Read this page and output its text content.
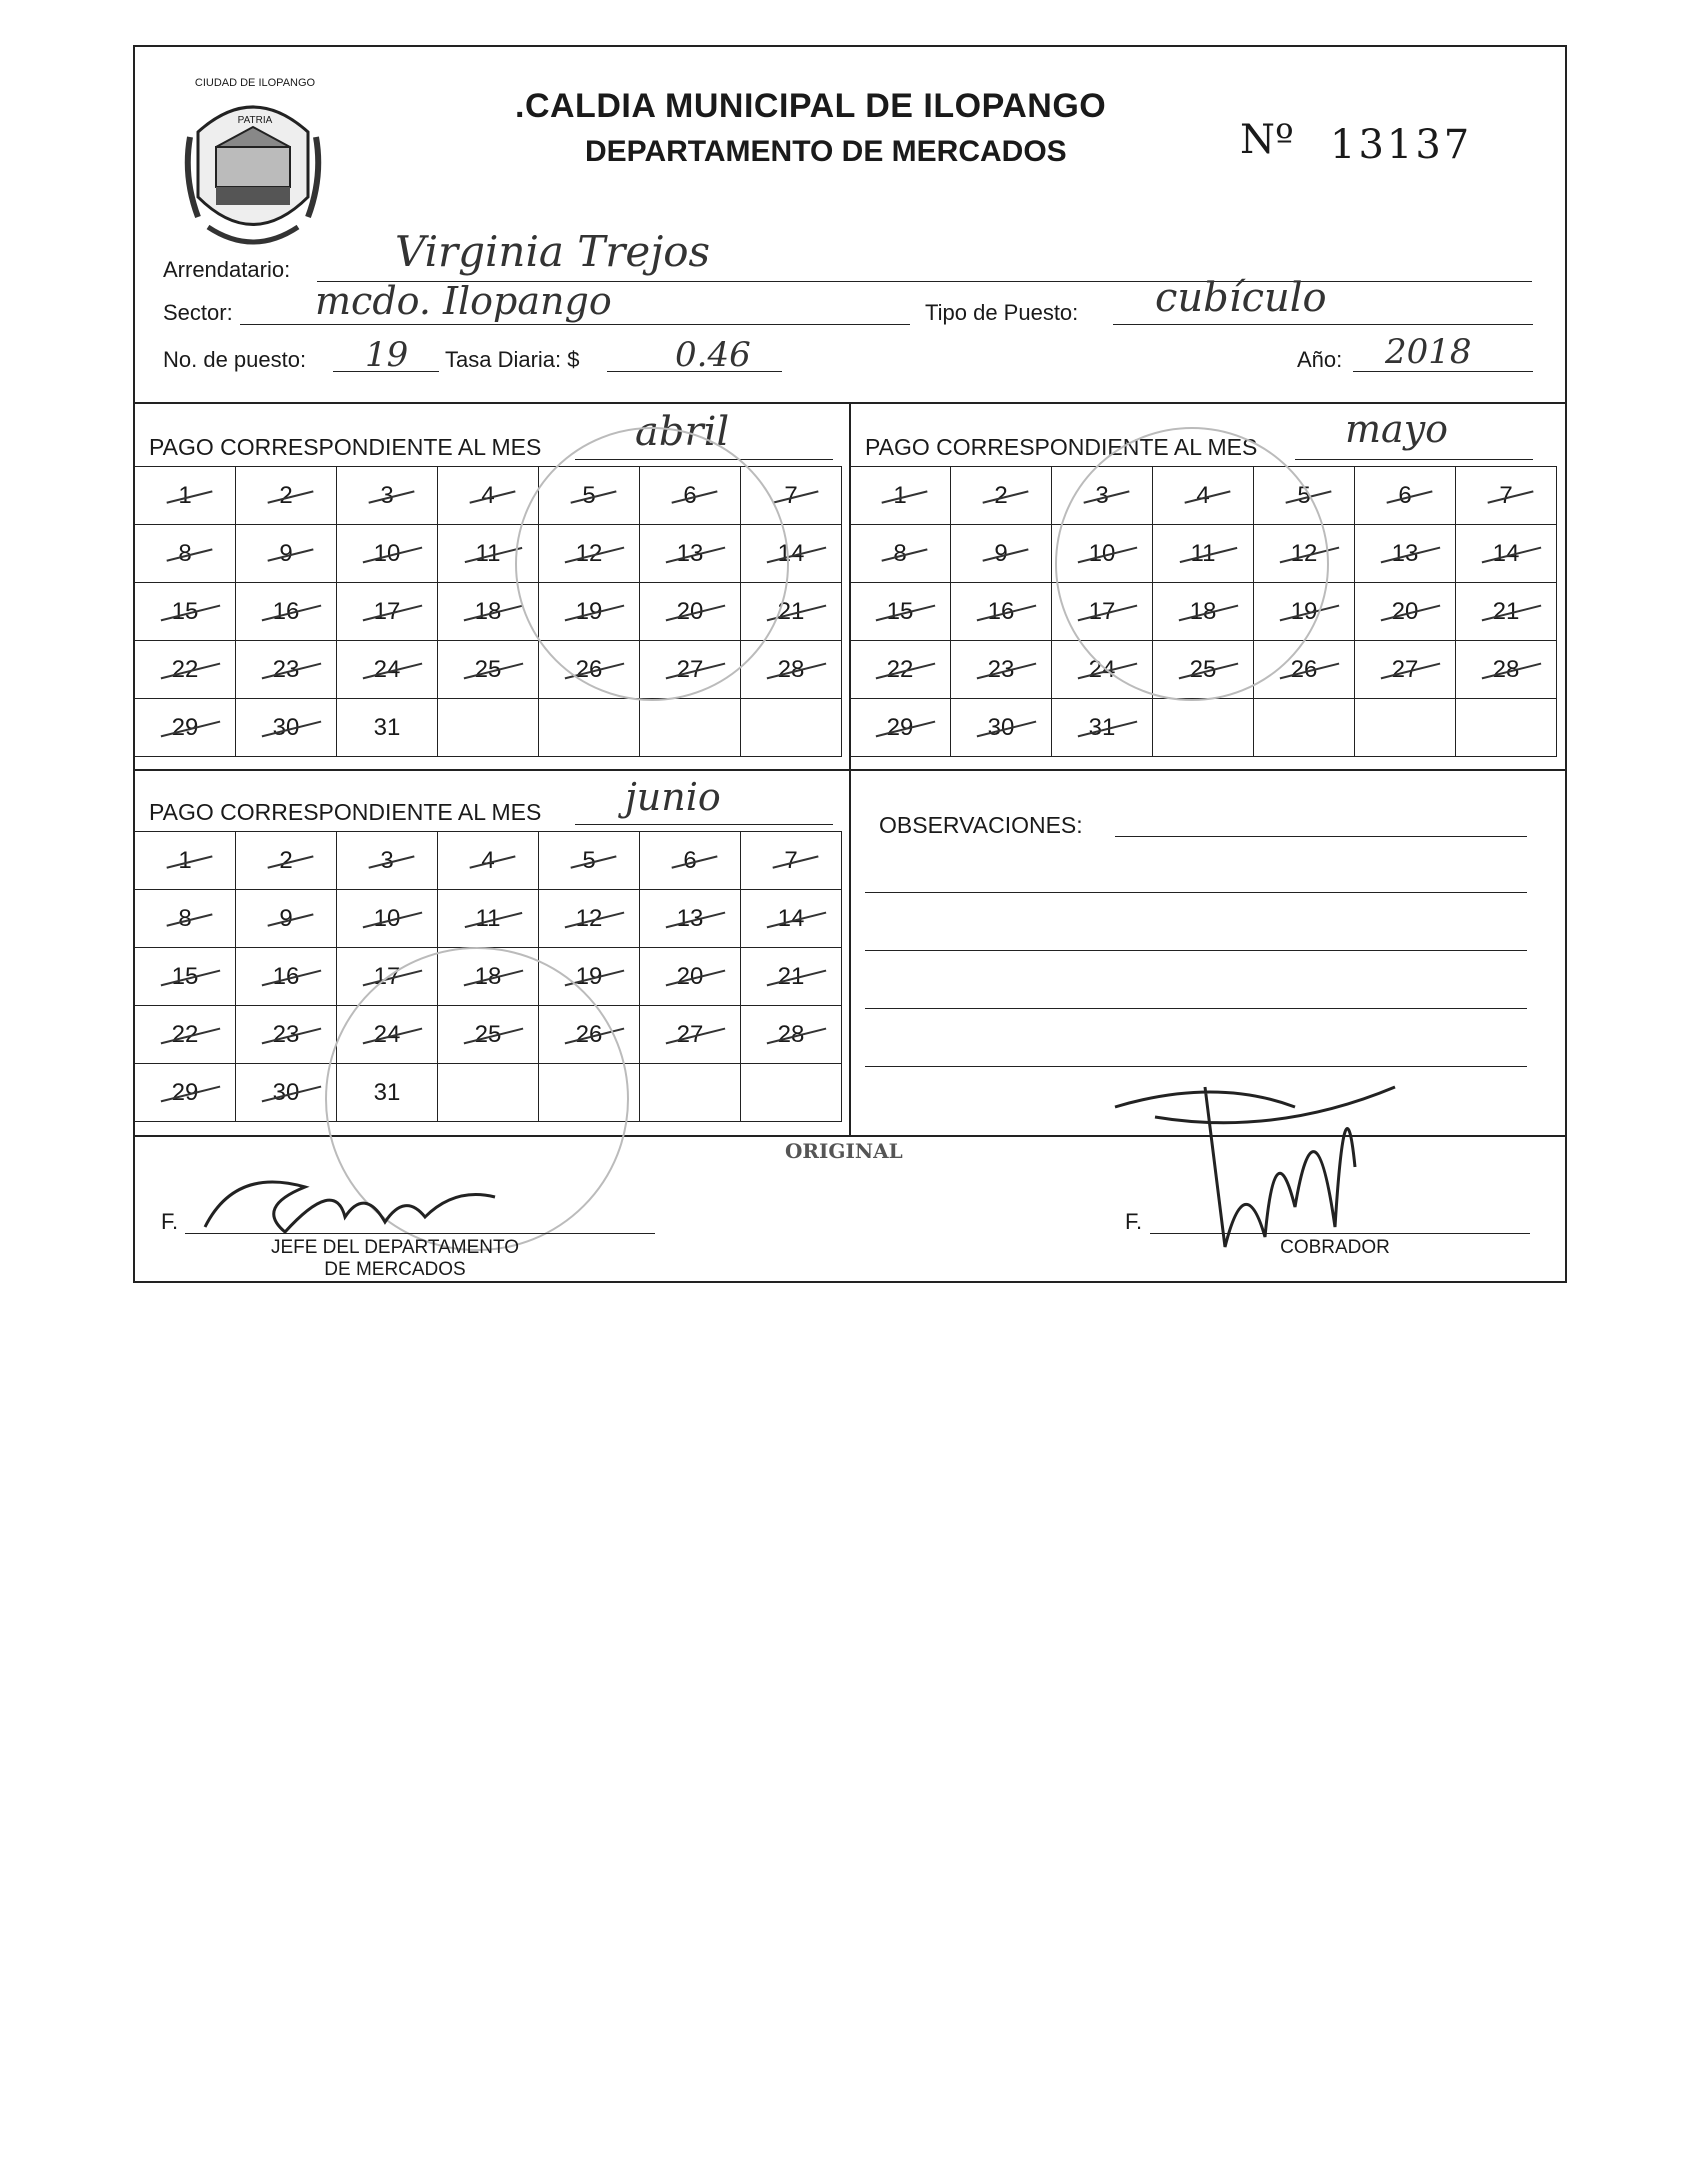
CIUDAD DE ILOPANGO
PATRIA	.CALDIA MUNICIPAL DE ILOPANGO
DEPARTAMENTO DE MERCADOS	Nº 13137
Arrendatario: Virginia Trejos
Sector: mcdo. Ilopango	Tipo de Puesto: cubículo
No. de puesto: 19 Tasa Diaria: $	0.46	Año: 2018
PAGO CORRESPONDIENTE AL MES abril
1	2	3	4	5	6	7
8	9	10	11	12	13	14
15	16	17	18	19	20	21
22	23	24	25	26	27	28
29	30	31				
PAGO CORRESPONDIENTE AL MES mayo
1	2	3	4	5	6	7
8	9	10	11	12	13	14
15	16	17	18	19	20	21
22	23	24	25	26	27	28
29	30	31				
PAGO CORRESPONDIENTE AL MES junio
1	2	3	4	5	6	7
8	9	10	11	12	13	14
15	16	17	18	19	20	21
22	23	24	25	26	27	28
29	30	31				
OBSERVACIONES:
ORIGINAL
F.
JEFE DEL DEPARTAMENTO
DE MERCADOS
F.
COBRADOR
